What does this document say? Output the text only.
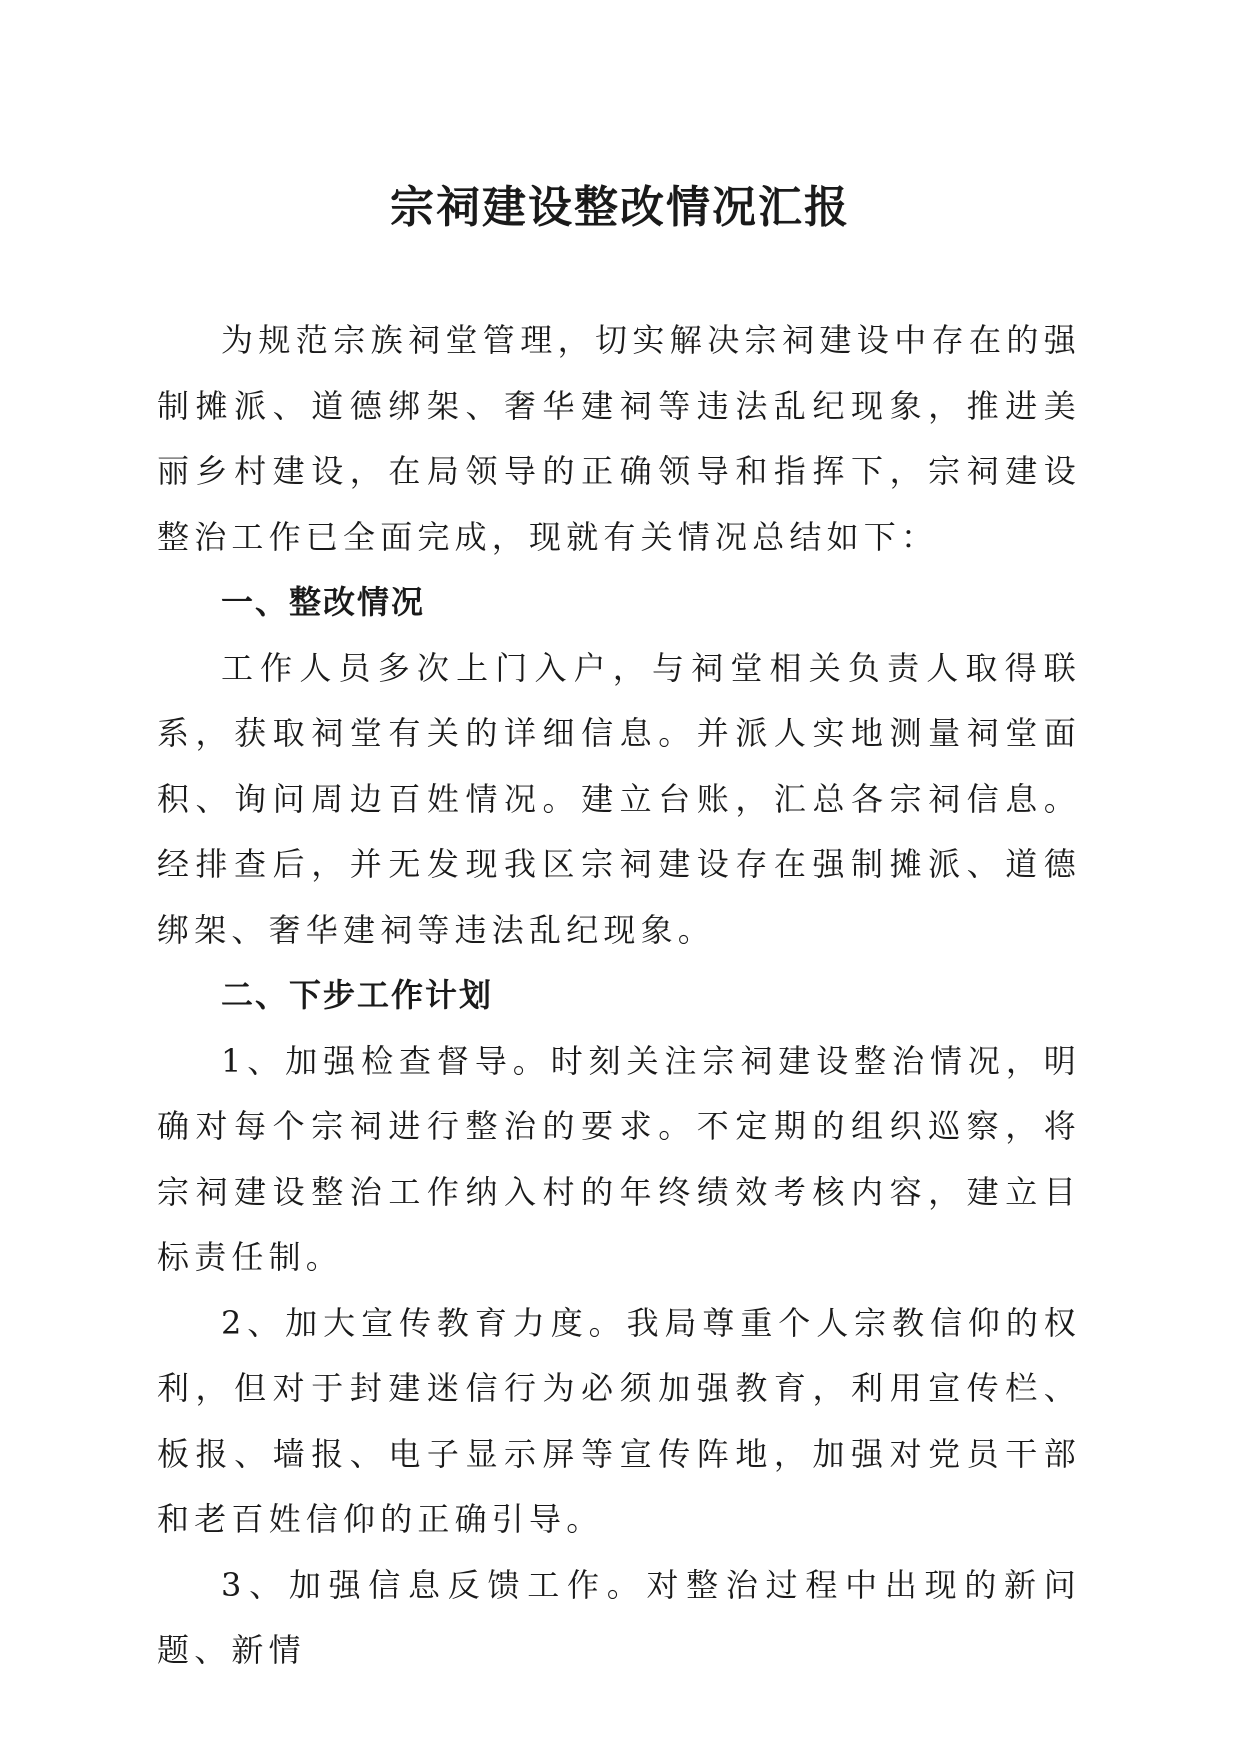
宗祠建设整改情况汇报

为规范宗族祠堂管理，切实解决宗祠建设中存在的强制摊派、道德绑架、奢华建祠等违法乱纪现象，推进美丽乡村建设，在局领导的正确领导和指挥下，宗祠建设整治工作已全面完成，现就有关情况总结如下：

一、整改情况

工作人员多次上门入户，与祠堂相关负责人取得联系，获取祠堂有关的详细信息。并派人实地测量祠堂面积、询问周边百姓情况。建立台账，汇总各宗祠信息。经排查后，并无发现我区宗祠建设存在强制摊派、道德绑架、奢华建祠等违法乱纪现象。

二、下步工作计划

1、加强检查督导。时刻关注宗祠建设整治情况，明确对每个宗祠进行整治的要求。不定期的组织巡察，将宗祠建设整治工作纳入村的年终绩效考核内容，建立目标责任制。

2、加大宣传教育力度。我局尊重个人宗教信仰的权利，但对于封建迷信行为必须加强教育，利用宣传栏、板报、墙报、电子显示屏等宣传阵地，加强对党员干部和老百姓信仰的正确引导。

3、加强信息反馈工作。对整治过程中出现的新问题、新情
